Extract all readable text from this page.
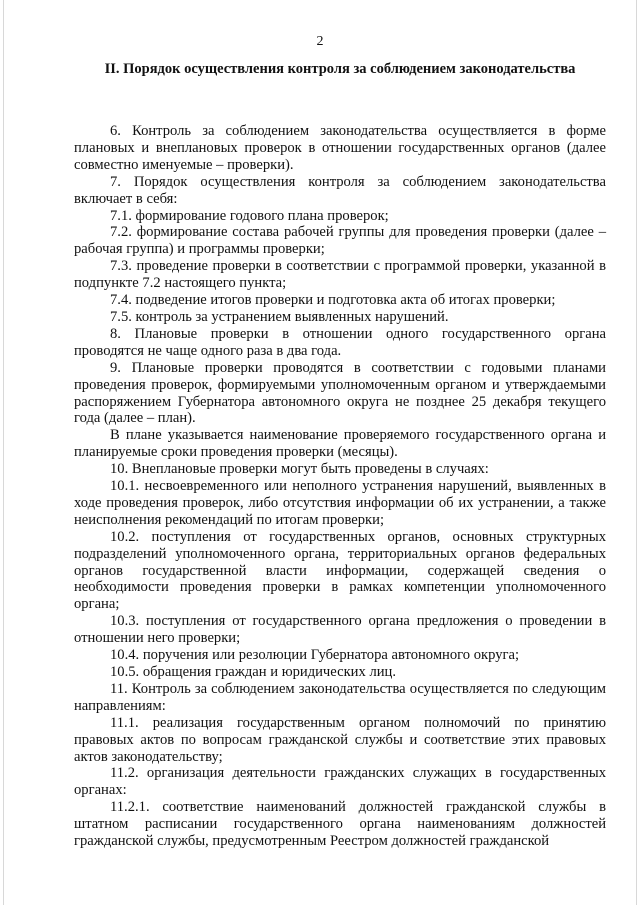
2
II. Порядок осуществления контроля за соблюдением законодательства

6. Контроль за соблюдением законодательства осуществляется в форме плановых и внеплановых проверок в отношении государственных органов (далее совместно именуемые – проверки).

7. Порядок осуществления контроля за соблюдением законодательства включает в себя:

7.1. формирование годового плана проверок;

7.2. формирование состава рабочей группы для проведения проверки (далее – рабочая группа) и программы проверки;

7.3. проведение проверки в соответствии с программой проверки, указанной в подпункте 7.2 настоящего пункта;

7.4. подведение итогов проверки и подготовка акта об итогах проверки;

7.5. контроль за устранением выявленных нарушений.

8. Плановые проверки в отношении одного государственного органа проводятся не чаще одного раза в два года.

9. Плановые проверки проводятся в соответствии с годовыми планами проведения проверок, формируемыми уполномоченным органом и утверждаемыми распоряжением Губернатора автономного округа не позднее 25 декабря текущего года (далее – план).

В плане указывается наименование проверяемого государственного органа и планируемые сроки проведения проверки (месяцы).

10. Внеплановые проверки могут быть проведены в случаях:

10.1. несвоевременного или неполного устранения нарушений, выявленных в ходе проведения проверок, либо отсутствия информации об их устранении, а также неисполнения рекомендаций по итогам проверки;

10.2. поступления от государственных органов, основных структурных подразделений уполномоченного органа, территориальных органов федеральных органов государственной власти информации, содержащей сведения о необходимости проведения проверки в рамках компетенции уполномоченного органа;

10.3. поступления от государственного органа предложения о проведении в отношении него проверки;

10.4. поручения или резолюции Губернатора автономного округа;

10.5. обращения граждан и юридических лиц.

11. Контроль за соблюдением законодательства осуществляется по следующим направлениям:

11.1. реализация государственным органом полномочий по принятию правовых актов по вопросам гражданской службы и соответствие этих правовых актов законодательству;

11.2. организация деятельности гражданских служащих в государственных органах:

11.2.1. соответствие наименований должностей гражданской службы в штатном расписании государственного органа наименованиям должностей гражданской службы, предусмотренным Реестром должностей гражданской
